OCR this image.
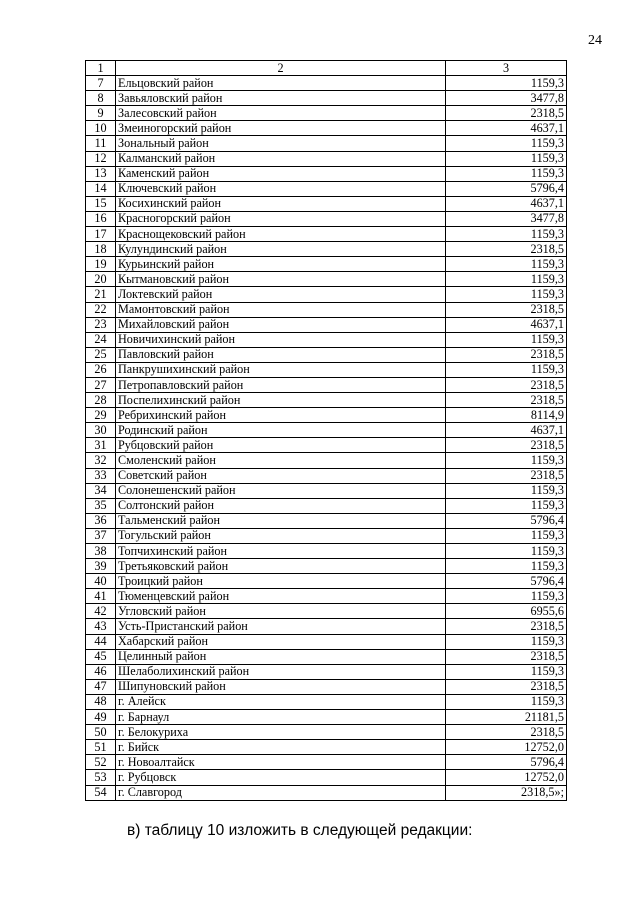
24
1	2	3
7	Ельцовский район	1159,3
8	Завьяловский район	3477,8
9	Залесовский район	2318,5
10	Змеиногорский район	4637,1
11	Зональный район	1159,3
12	Калманский район	1159,3
13	Каменский район	1159,3
14	Ключевский район	5796,4
15	Косихинский район	4637,1
16	Красногорский район	3477,8
17	Краснощековский район	1159,3
18	Кулундинский район	2318,5
19	Курьинский район	1159,3
20	Кытмановский район	1159,3
21	Локтевский район	1159,3
22	Мамонтовский район	2318,5
23	Михайловский район	4637,1
24	Новичихинский район	1159,3
25	Павловский район	2318,5
26	Панкрушихинский район	1159,3
27	Петропавловский район	2318,5
28	Поспелихинский район	2318,5
29	Ребрихинский район	8114,9
30	Родинский район	4637,1
31	Рубцовский район	2318,5
32	Смоленский район	1159,3
33	Советский район	2318,5
34	Солонешенский район	1159,3
35	Солтонский район	1159,3
36	Тальменский район	5796,4
37	Тогульский район	1159,3
38	Топчихинский район	1159,3
39	Третьяковский район	1159,3
40	Троицкий район	5796,4
41	Тюменцевский район	1159,3
42	Угловский район	6955,6
43	Усть-Пристанский район	2318,5
44	Хабарский район	1159,3
45	Целинный район	2318,5
46	Шелаболихинский район	1159,3
47	Шипуновский район	2318,5
48	г. Алейск	1159,3
49	г. Барнаул	21181,5
50	г. Белокуриха	2318,5
51	г. Бийск	12752,0
52	г. Новоалтайск	5796,4
53	г. Рубцовск	12752,0
54	г. Славгород	2318,5»;
в) таблицу 10 изложить в следующей редакции:
